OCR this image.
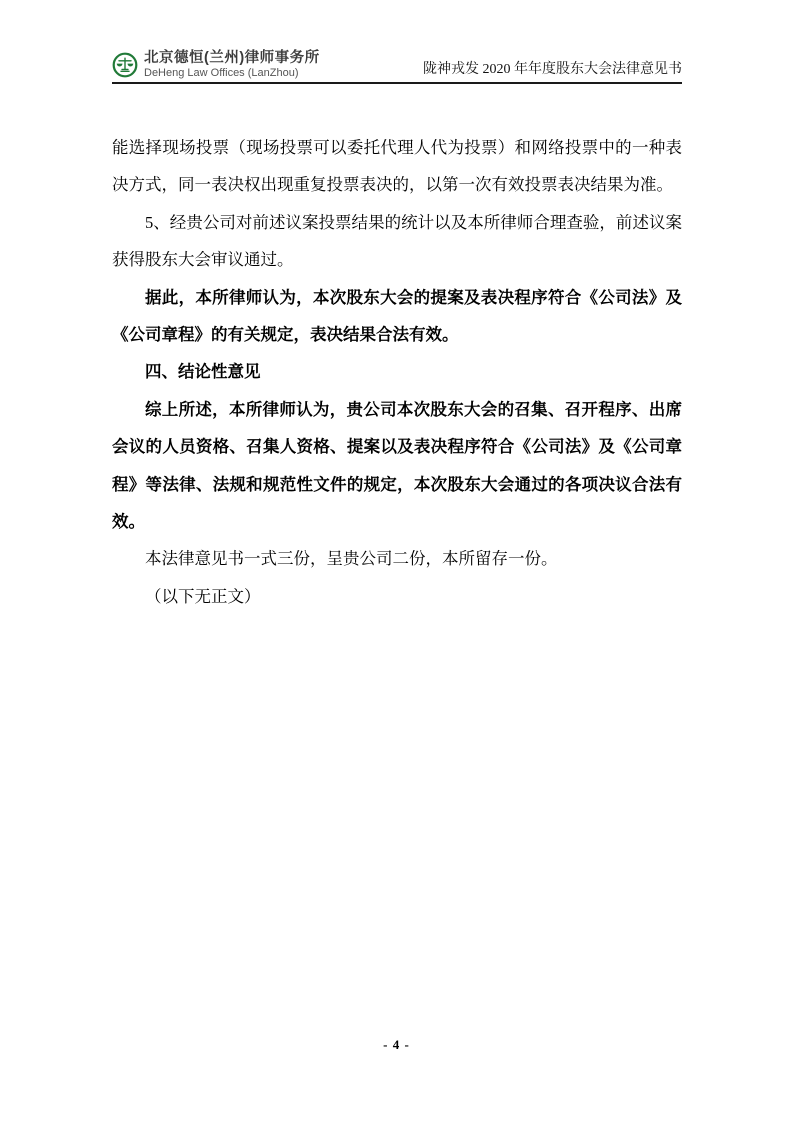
北京德恒(兰州)律师事务所
DeHeng Law Offices (LanZhou)	陇神戎发 2020 年年度股东大会法律意见书

能选择现场投票（现场投票可以委托代理人代为投票）和网络投票中的一种表决方式，同一表决权出现重复投票表决的，以第一次有效投票表决结果为准。

5、经贵公司对前述议案投票结果的统计以及本所律师合理查验，前述议案获得股东大会审议通过。

据此，本所律师认为，本次股东大会的提案及表决程序符合《公司法》及《公司章程》的有关规定，表决结果合法有效。

四、结论性意见

综上所述，本所律师认为，贵公司本次股东大会的召集、召开程序、出席会议的人员资格、召集人资格、提案以及表决程序符合《公司法》及《公司章程》等法律、法规和规范性文件的规定，本次股东大会通过的各项决议合法有效。

本法律意见书一式三份，呈贵公司二份，本所留存一份。

（以下无正文）

- 4 -
